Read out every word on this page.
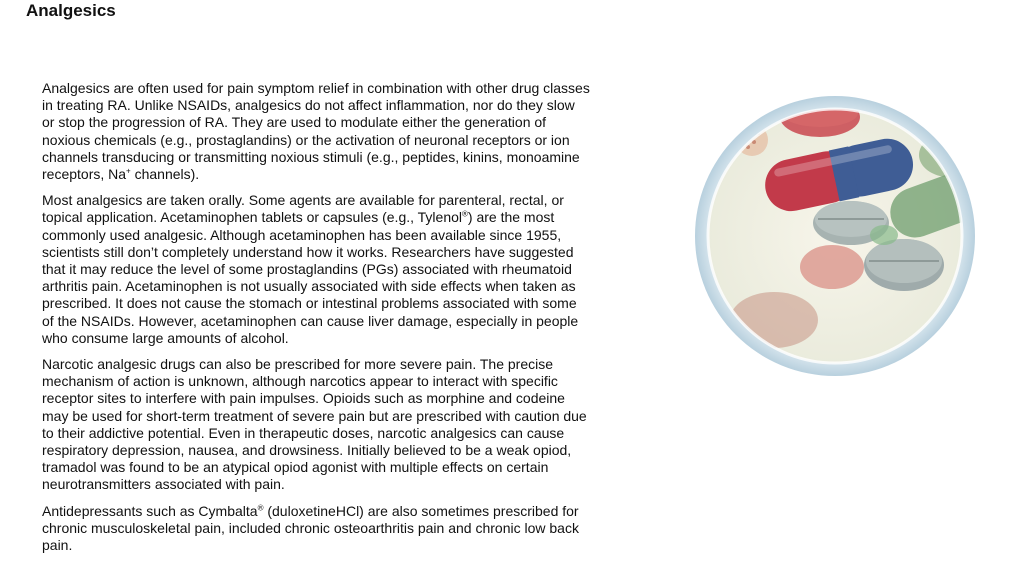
Analgesics

Analgesics are often used for pain symptom relief in combination with other drug classes in treating RA. Unlike NSAIDs, analgesics do not affect inflammation, nor do they slow or stop the progression of RA. They are used to modulate either the generation of noxious chemicals (e.g., prostaglandins) or the activation of neuronal receptors or ion channels transducing or transmitting noxious stimuli (e.g., peptides, kinins, monoamine receptors, Na+ channels).

Most analgesics are taken orally. Some agents are available for parenteral, rectal, or topical application. Acetaminophen tablets or capsules (e.g., Tylenol®) are the most commonly used analgesic. Although acetaminophen has been available since 1955, scientists still don’t completely understand how it works. Researchers have suggested that it may reduce the level of some prostaglandins (PGs) associated with rheumatoid arthritis pain. Acetaminophen is not usually associated with side effects when taken as prescribed. It does not cause the stomach or intestinal problems associated with some of the NSAIDs. However, acetaminophen can cause liver damage, especially in people who consume large amounts of alcohol.

Narcotic analgesic drugs can also be prescribed for more severe pain. The precise mechanism of action is unknown, although narcotics appear to interact with specific receptor sites to interfere with pain impulses. Opioids such as morphine and codeine may be used for short-term treatment of severe pain but are prescribed with caution due to their addictive potential. Even in therapeutic doses, narcotic analgesics can cause respiratory depression, nausea, and drowsiness. Initially believed to be a weak opiod, tramadol was found to be an atypical opiod agonist with multiple effects on certain neurotransmitters associated with pain.

Antidepressants such as Cymbalta® (duloxetineHCl) are also sometimes prescribed for chronic musculoskeletal pain, included chronic osteoarthritis pain and chronic low back pain.
